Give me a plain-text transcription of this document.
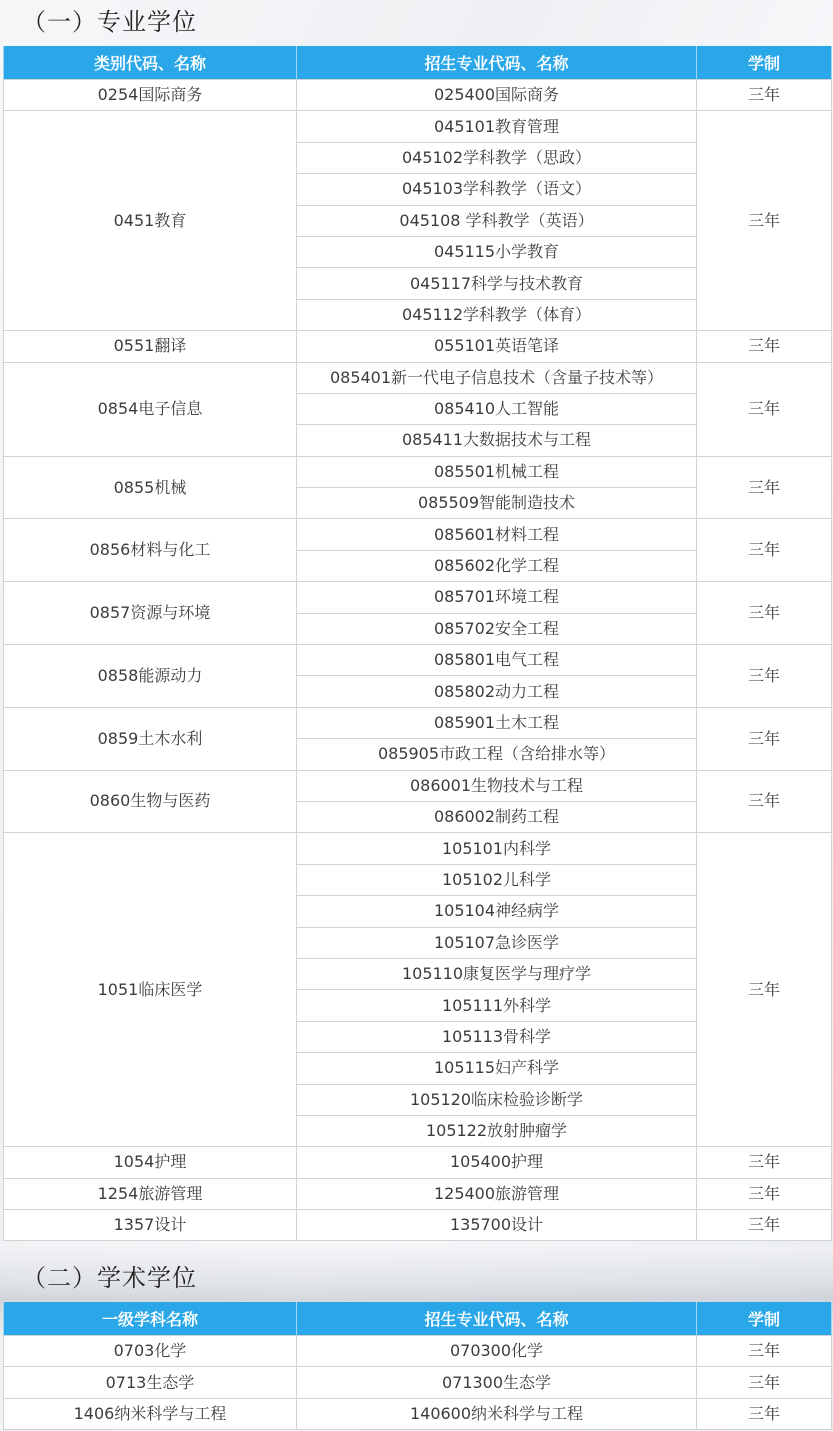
（一）专业学位
类别代码、名称	招生专业代码、名称	学制
0254国际商务	025400国际商务	三年
0451教育	045101教育管理	三年
	045102学科教学（思政）	
	045103学科教学（语文）	
	045108 学科教学（英语）	
	045115小学教育	
	045117科学与技术教育	
	045112学科教学（体育）	
0551翻译	055101英语笔译	三年
0854电子信息	085401新一代电子信息技术（含量子技术等）	三年
	085410人工智能	
	085411大数据技术与工程	
0855机械	085501机械工程	三年
	085509智能制造技术	
0856材料与化工	085601材料工程	三年
	085602化学工程	
0857资源与环境	085701环境工程	三年
	085702安全工程	
0858能源动力	085801电气工程	三年
	085802动力工程	
0859土木水利	085901土木工程	三年
	085905市政工程（含给排水等）	
0860生物与医药	086001生物技术与工程	三年
	086002制药工程	
1051临床医学	105101内科学	三年
	105102儿科学	
	105104神经病学	
	105107急诊医学	
	105110康复医学与理疗学	
	105111外科学	
	105113骨科学	
	105115妇产科学	
	105120临床检验诊断学	
	105122放射肿瘤学	
1054护理	105400护理	三年
1254旅游管理	125400旅游管理	三年
1357设计	135700设计	三年
（二）学术学位
一级学科名称	招生专业代码、名称	学制
0703化学	070300化学	三年
0713生态学	071300生态学	三年
1406纳米科学与工程	140600纳米科学与工程	三年
